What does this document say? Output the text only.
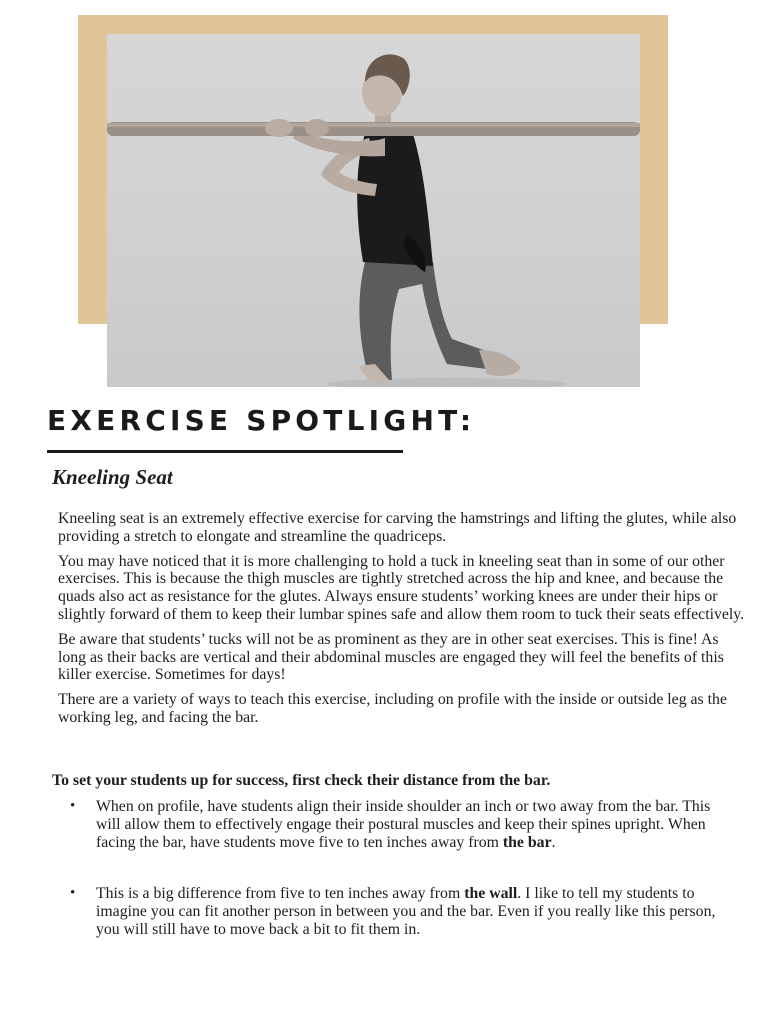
EXERCISE SPOTLIGHT:
Kneeling Seat

Kneeling seat is an extremely effective exercise for carving the hamstrings and lifting the glutes, while also providing a stretch to elongate and streamline the quadriceps.

You may have noticed that it is more challenging to hold a tuck in kneeling seat than in some of our other exercises. This is because the thigh muscles are tightly stretched across the hip and knee, and because the quads also act as resistance for the glutes. Always ensure students’ working knees are under their hips or slightly forward of them to keep their lumbar spines safe and allow them room to tuck their seats effectively.

Be aware that students’ tucks will not be as prominent as they are in other seat exercises. This is fine! As long as their backs are vertical and their abdominal muscles are engaged they will feel the benefits of this killer exercise. Sometimes for days!

There are a variety of ways to teach this exercise, including on profile with the inside or outside leg as the working leg, and facing the bar.

To set your students up for success, first check their distance from the bar.

• When on profile, have students align their inside shoulder an inch or two away from the bar. This will allow them to effectively engage their postural muscles and keep their spines upright. When facing the bar, have students move five to ten inches away from the bar.
• This is a big difference from five to ten inches away from the wall. I like to tell my students to imagine you can fit another person in between you and the bar. Even if you really like this person, you will still have to move back a bit to fit them in.
